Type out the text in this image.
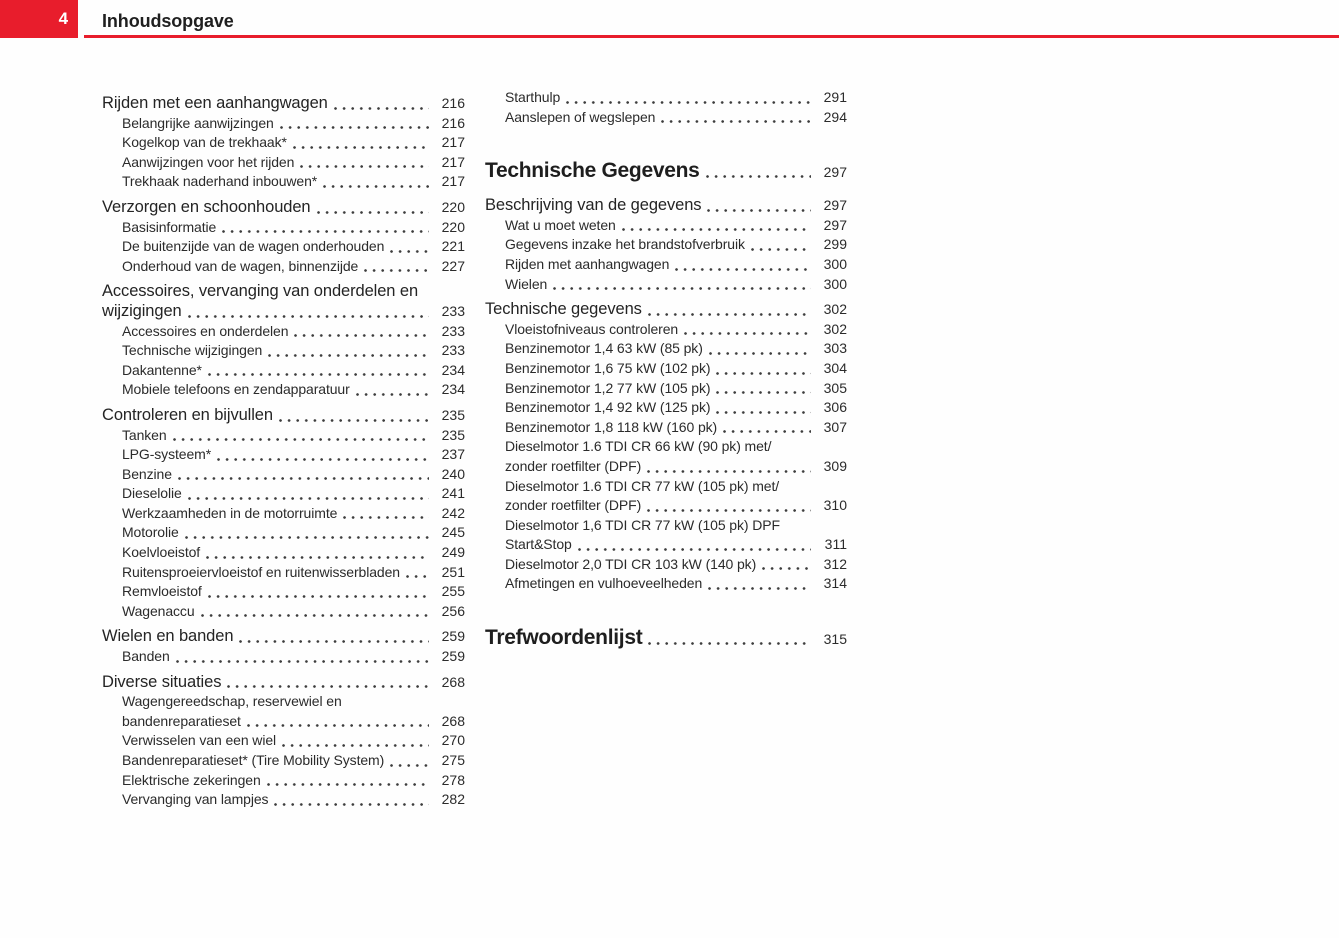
4	Inhoudsopgave
Rijden met een aanhangwagen	216
Belangrijke aanwijzingen	216
Kogelkop van de trekhaak*	217
Aanwijzingen voor het rijden	217
Trekhaak naderhand inbouwen*	217
Verzorgen en schoonhouden	220
Basisinformatie	220
De buitenzijde van de wagen onderhouden	221
Onderhoud van de wagen, binnenzijde	227
Accessoires, vervanging van onderdelen en
wijzigingen	233
Accessoires en onderdelen	233
Technische wijzigingen	233
Dakantenne*	234
Mobiele telefoons en zendapparatuur	234
Controleren en bijvullen	235
Tanken	235
LPG-systeem*	237
Benzine	240
Dieselolie	241
Werkzaamheden in de motorruimte	242
Motorolie	245
Koelvloeistof	249
Ruitensproeiervloeistof en ruitenwisserbladen	251
Remvloeistof	255
Wagenaccu	256
Wielen en banden	259
Banden	259
Diverse situaties	268
Wagengereedschap, reservewiel en
bandenreparatieset	268
Verwisselen van een wiel	270
Bandenreparatieset* (Tire Mobility System)	275
Elektrische zekeringen	278
Vervanging van lampjes	282
Starthulp	291
Aanslepen of wegslepen	294
Technische Gegevens	297
Beschrijving van de gegevens	297
Wat u moet weten	297
Gegevens inzake het brandstofverbruik	299
Rijden met aanhangwagen	300
Wielen	300
Technische gegevens	302
Vloeistofniveaus controleren	302
Benzinemotor 1,4 63 kW (85 pk)	303
Benzinemotor 1,6 75 kW (102 pk)	304
Benzinemotor 1,2 77 kW (105 pk)	305
Benzinemotor 1,4 92 kW (125 pk)	306
Benzinemotor 1,8 118 kW (160 pk)	307
Dieselmotor 1.6 TDI CR 66 kW (90 pk) met/
zonder roetfilter (DPF)	309
Dieselmotor 1.6 TDI CR 77 kW (105 pk) met/
zonder roetfilter (DPF)	310
Dieselmotor 1,6 TDI CR 77 kW (105 pk) DPF
Start&Stop	311
Dieselmotor 2,0 TDI CR 103 kW (140 pk)	312
Afmetingen en vulhoeveelheden	314
Trefwoordenlijst	315
